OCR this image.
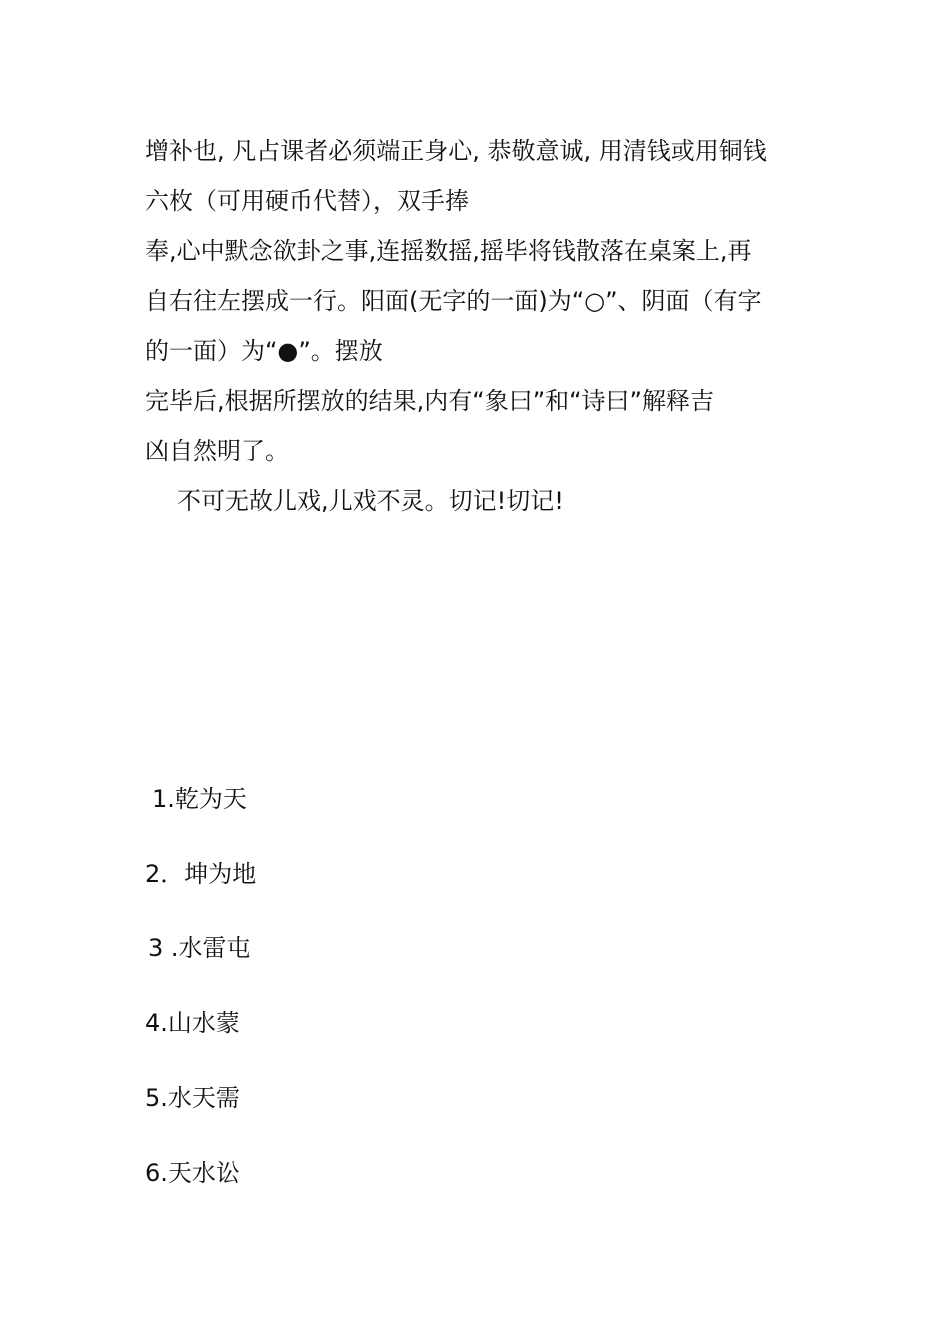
增补也, 凡占课者必须端正身心, 恭敬意诚, 用清钱或用铜钱
六枚（可用硬币代替），双手捧
奉,心中默念欲卦之事,连摇数摇,摇毕将钱散落在桌案上,再
自右往左摆成一行。阳面(无字的一面)为“○”、阴面（有字
的一面）为“●”。摆放
完毕后,根据所摆放的结果,内有“象曰”和“诗曰”解释吉
凶自然明了。
不可无故儿戏,儿戏不灵。切记!切记!
1.乾为天
2．坤为地
3 .水雷屯
4.山水蒙
5.水天需
6.天水讼
